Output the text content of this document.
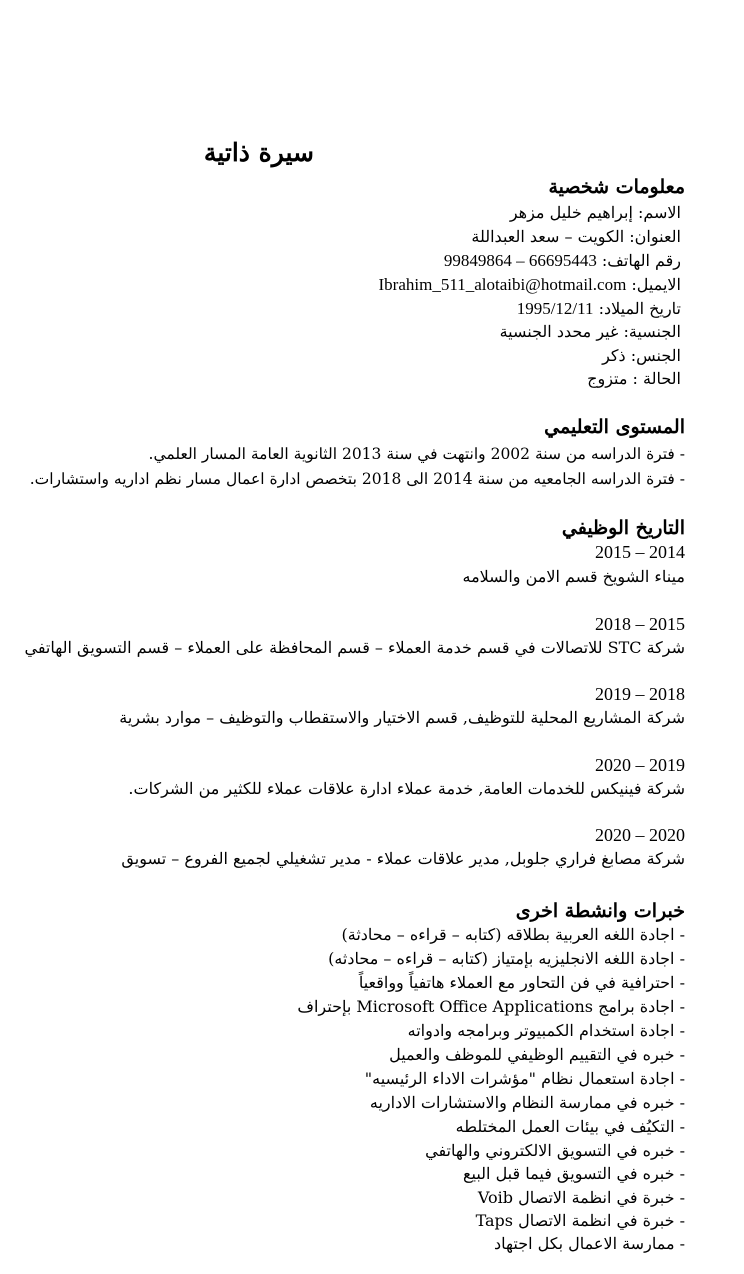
سيرة ذاتية
معلومات شخصية
الاسم: إبراهيم خليل مزهر
العنوان: الكويت – سعد العبداللة
رقم الهاتف: 66695443 – 99849864
الايميل: Ibrahim_511_alotaibi@hotmail.com
تاريخ الميلاد: 1995/12/11
الجنسية: غير محدد الجنسية
الجنس: ذكر
الحالة : متزوج
المستوى التعليمي
- فترة الدراسه من سنة 2002 وانتهت في سنة 2013 الثانوية العامة المسار العلمي.
- فترة الدراسه الجامعيه من سنة 2014 الى 2018 بتخصص ادارة اعمال مسار نظم اداريه واستشارات.
التاريخ الوظيفي
2015 – 2014
ميناء الشويخ قسم الامن والسلامه
2018 – 2015
شركة STC للاتصالات في قسم خدمة العملاء – قسم المحافظة على العملاء – قسم التسويق الهاتفي
2019 – 2018
شركة المشاريع المحلية للتوظيف, قسم الاختيار والاستقطاب والتوظيف – موارد بشرية
2020 – 2019
شركة فينيكس للخدمات العامة, خدمة عملاء ادارة علاقات عملاء للكثير من الشركات.
2020 – 2020
شركة مصابغ فراري جلوبل, مدير علاقات عملاء - مدير تشغيلي لجميع الفروع – تسويق
خبرات وانشطة اخرى
- اجادة اللغه العربية بطلاقه (كتابه – قراءه – محادثة)
- اجادة اللغه الانجليزيه بإمتياز (كتابه – قراءه – محادثه)
- احترافية في فن التحاور مع العملاء هاتفياً وواقعياً
- اجادة برامج Microsoft Office Applications بإحتراف
- اجادة استخدام الكمبيوتر وبرامجه وادواته
- خبره في التقييم الوظيفي للموظف والعميل
- اجادة استعمال نظام "مؤشرات الاداء الرئيسيه"
- خبره في ممارسة النظام والاستشارات الاداريه
- التكيُف في بيئات العمل المختلطه
- خبره في التسويق الالكتروني والهاتفي
- خبره في التسويق فيما قبل البيع
- خبرة في انظمة الاتصال Voib
- خبرة في انظمة الاتصال Taps
- ممارسة الاعمال بكل اجتهاد
